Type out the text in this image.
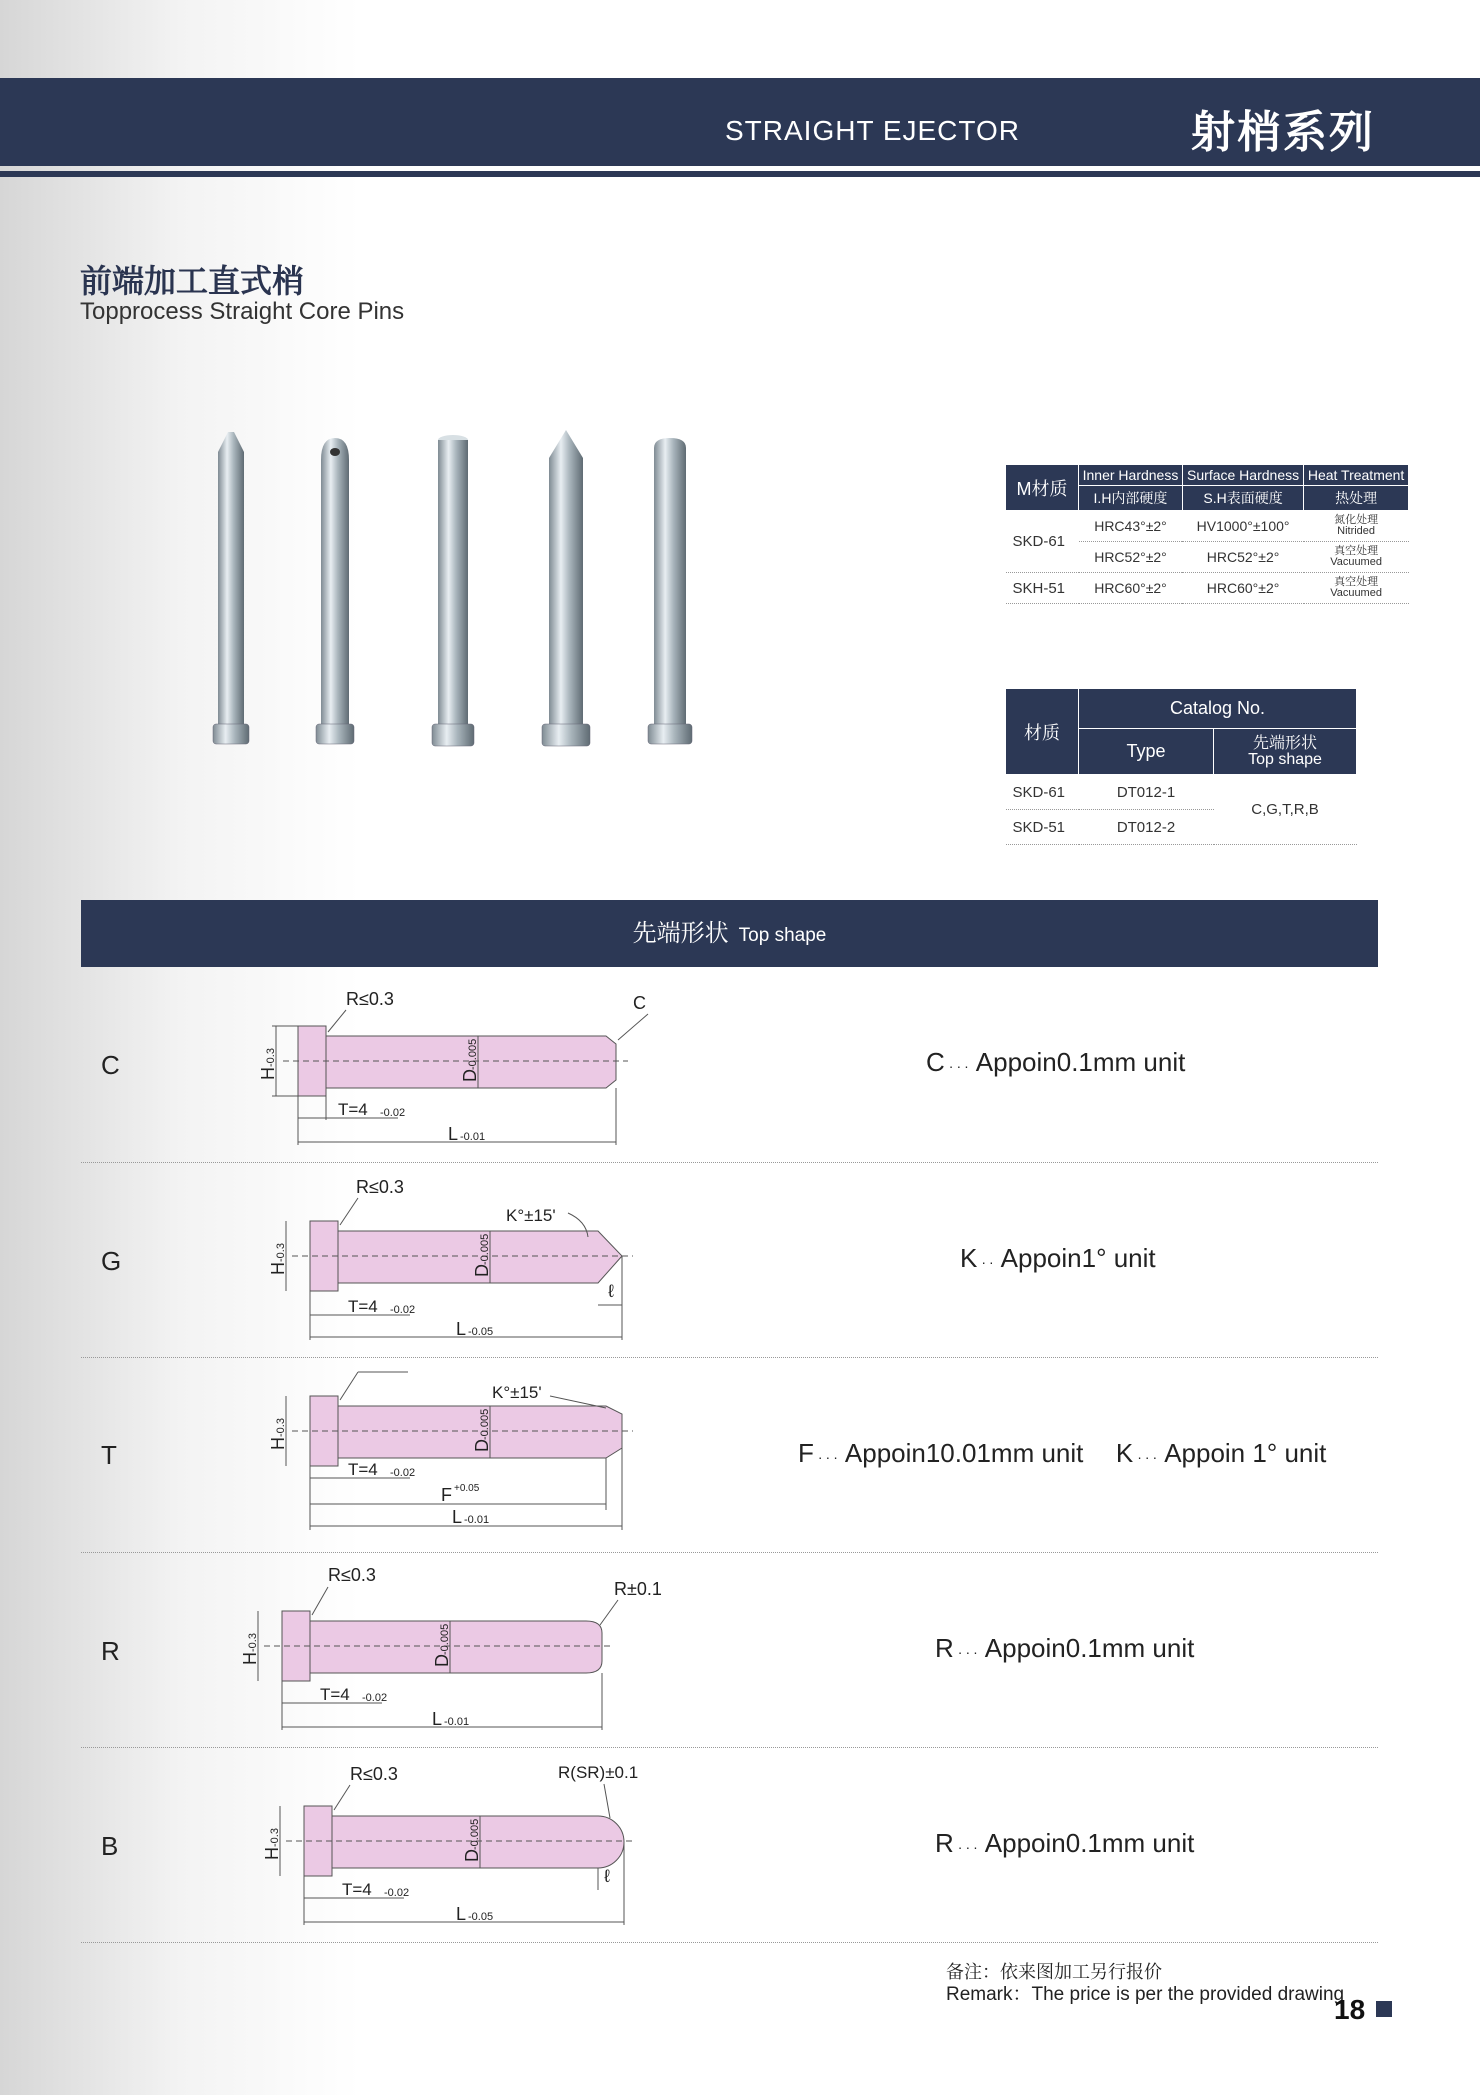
STRAIGHT EJECTOR	射梢系列
前端加工直式梢
Topprocess Straight Core Pins
M材质	Inner Hardness	Surface Hardness	Heat Treatment
	I.H内部硬度	S.H表面硬度	热处理
SKD-61	HRC43°±2°	HV1000°±100°	氮化处理
Nitrided
	HRC52°±2°	HRC52°±2°	真空处理
Vacuumed
SKH-51	HRC60°±2°	HRC60°±2°	真空处理
Vacuumed
材质	Catalog No.	
	Type	先端形状
Top shape
SKD-61	DT012-1	C,G,T,R,B
SKD-51	DT012-2	
先端形状 Top shape
C	H
-0.3
D
-0.005
R≤0.3	C
T=4 -0.02
L -0.01
C ··· Appoin0.1mm unit
G	H
-0.3
D
-0.005
R≤0.3
K°±15'
ℓ
T=4 -0.02
L -0.05
K ·· Appoin1° unit
T	H
-0.3
D
-0.005
K°±15'
T=4 -0.02
F +0.05
L -0.01
F ··· Appoin10.01mm unit K ··· Appoin 1° unit
R	H
-0.3
D
-0.005
R≤0.3
R±0.1
T=4 -0.02
L -0.01
R ··· Appoin0.1mm unit
B	H
-0.3
D
-0.005
R≤0.3	R(SR)±0.1
ℓ
T=4 -0.02
L -0.05
R ··· Appoin0.1mm unit
备注：依来图加工另行报价
Remark：The price is per the provided drawing
18
